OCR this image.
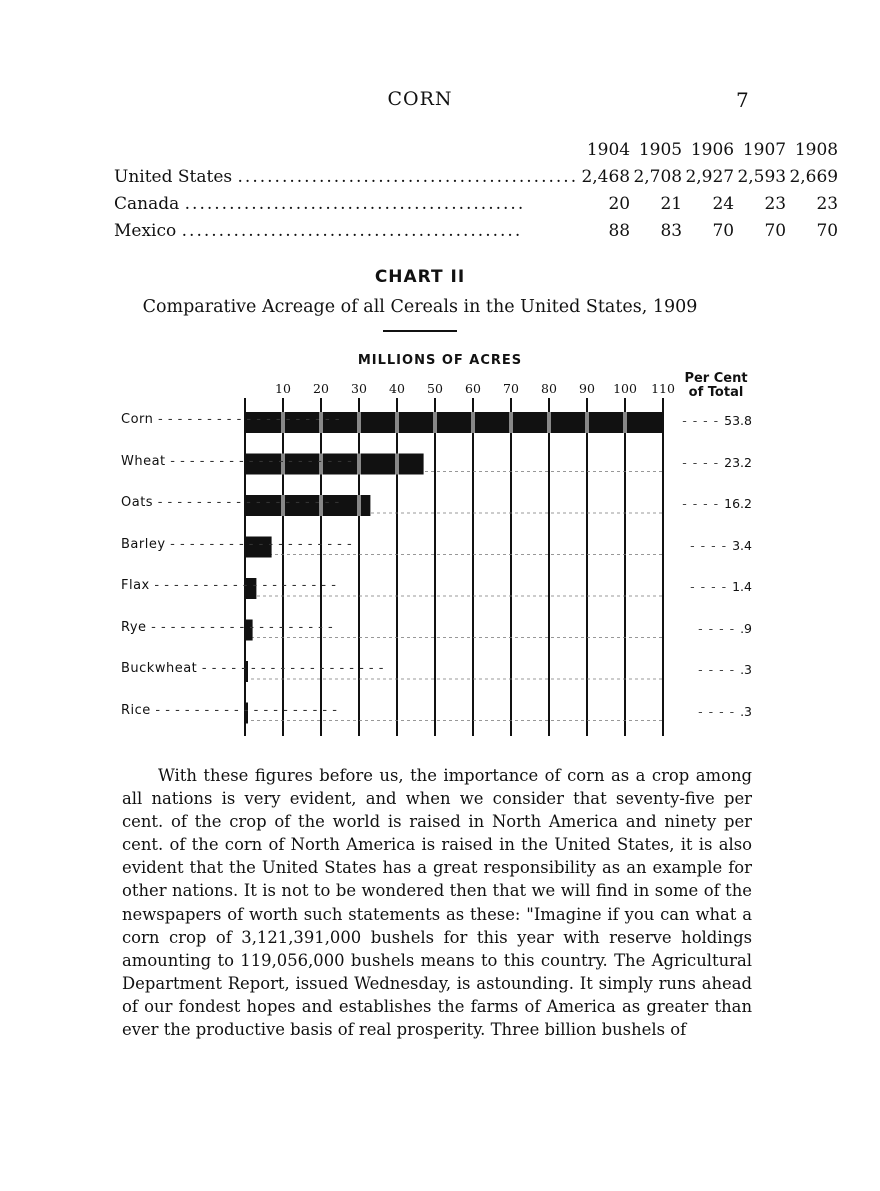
CORN	7
	1904	1905	1906	1907	1908
United States ..............................................	2,468	2,708	2,927	2,593	2,669
Canada ..............................................	20	21	24	23	23
Mexico ..............................................	88	83	70	70	70
CHART II
Comparative Acreage of all Cereals in the United States, 1909
MILLIONS OF ACRES
Per Cent
of Total
10	20	30	40	50	60	70	80	90	100	110
Corn - - - - - - - - - - - - - - - - - - -	- - - - 53.8
Wheat - - - - - - - - - - - - - - - - - - -	- - - - 23.2
Oats - - - - - - - - - - - - - - - - - - -	- - - - 16.2
Barley - - - - - - - - - - - - - - - - - - -	- - - - 3.4
Flax - - - - - - - - - - - - - - - - - - -	- - - - 1.4
Rye - - - - - - - - - - - - - - - - - - -	- - - - .9
Buckwheat - - - - - - - - - - - - - - - - - - -	- - - - .3
Rice - - - - - - - - - - - - - - - - - - -	- - - - .3

With these figures before us, the importance of corn as a crop among all nations is very evident, and when we consider that seventy-five per cent. of the crop of the world is raised in North America and ninety per cent. of the corn of North America is raised in the United States, it is also evident that the United States has a great responsibility as an example for other nations. It is not to be wondered then that we will find in some of the newspapers of worth such statements as these: "Imagine if you can what a corn crop of 3,121,391,000 bushels for this year with reserve holdings amounting to 119,056,000 bushels means to this country. The Agricultural Department Report, issued Wednesday, is astounding. It simply runs ahead of our fondest hopes and establishes the farms of America as greater than ever the productive basis of real prosperity. Three billion bushels of
